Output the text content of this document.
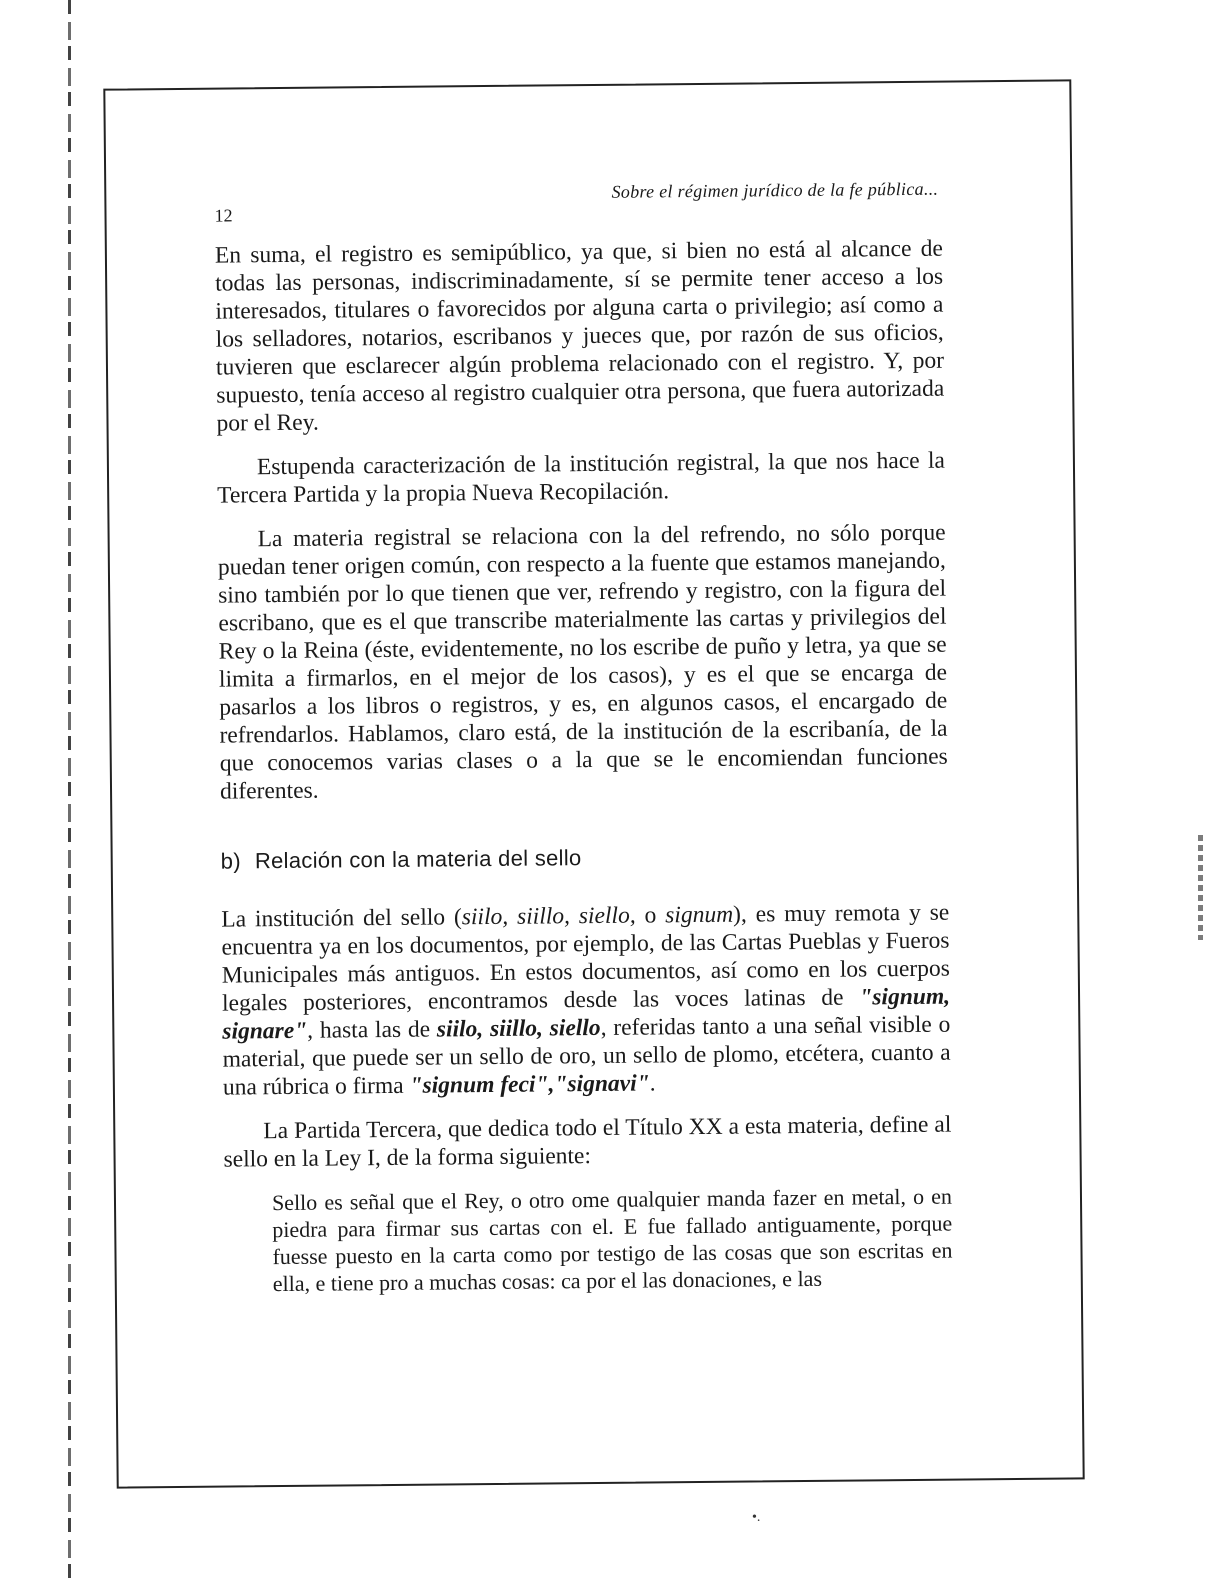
12
Sobre el régimen jurídico de la fe pública...

En suma, el registro es semipúblico, ya que, si bien no está al alcance de todas las personas, indiscriminadamente, sí se permite tener acceso a los interesados, titulares o favorecidos por alguna carta o privilegio; así como a los selladores, notarios, escribanos y jueces que, por razón de sus oficios, tuvieren que esclarecer algún problema relacionado con el registro. Y, por supuesto, tenía acceso al registro cualquier otra persona, que fuera autorizada por el Rey.

Estupenda caracterización de la institución registral, la que nos hace la Tercera Partida y la propia Nueva Recopilación.

La materia registral se relaciona con la del refrendo, no sólo porque puedan tener origen común, con respecto a la fuente que estamos manejando, sino también por lo que tienen que ver, refrendo y registro, con la figura del escribano, que es el que transcribe materialmente las cartas y privilegios del Rey o la Reina (éste, evidentemente, no los escribe de puño y letra, ya que se limita a firmarlos, en el mejor de los casos), y es el que se encarga de pasarlos a los libros o registros, y es, en algunos casos, el encargado de refrendarlos. Hablamos, claro está, de la institución de la escribanía, de la que conocemos varias clases o a la que se le encomiendan funciones diferentes.

b) Relación con la materia del sello

La institución del sello (siilo, siillo, siello, o signum), es muy remota y se encuentra ya en los documentos, por ejemplo, de las Cartas Pueblas y Fueros Municipales más antiguos. En estos documentos, así como en los cuerpos legales posteriores, encontramos desde las voces latinas de "signum, signare", hasta las de siilo, siillo, siello, referidas tanto a una señal visible o material, que puede ser un sello de oro, un sello de plomo, etcétera, cuanto a una rúbrica o firma "signum feci","signavi".

La Partida Tercera, que dedica todo el Título XX a esta materia, define al sello en la Ley I, de la forma siguiente:

Sello es señal que el Rey, o otro ome qualquier manda fazer en metal, o en piedra para firmar sus cartas con el. E fue fallado antiguamente, porque fuesse puesto en la carta como por testigo de las cosas que son escritas en ella, e tiene pro a muchas cosas: ca por el las donaciones, e las

•.
